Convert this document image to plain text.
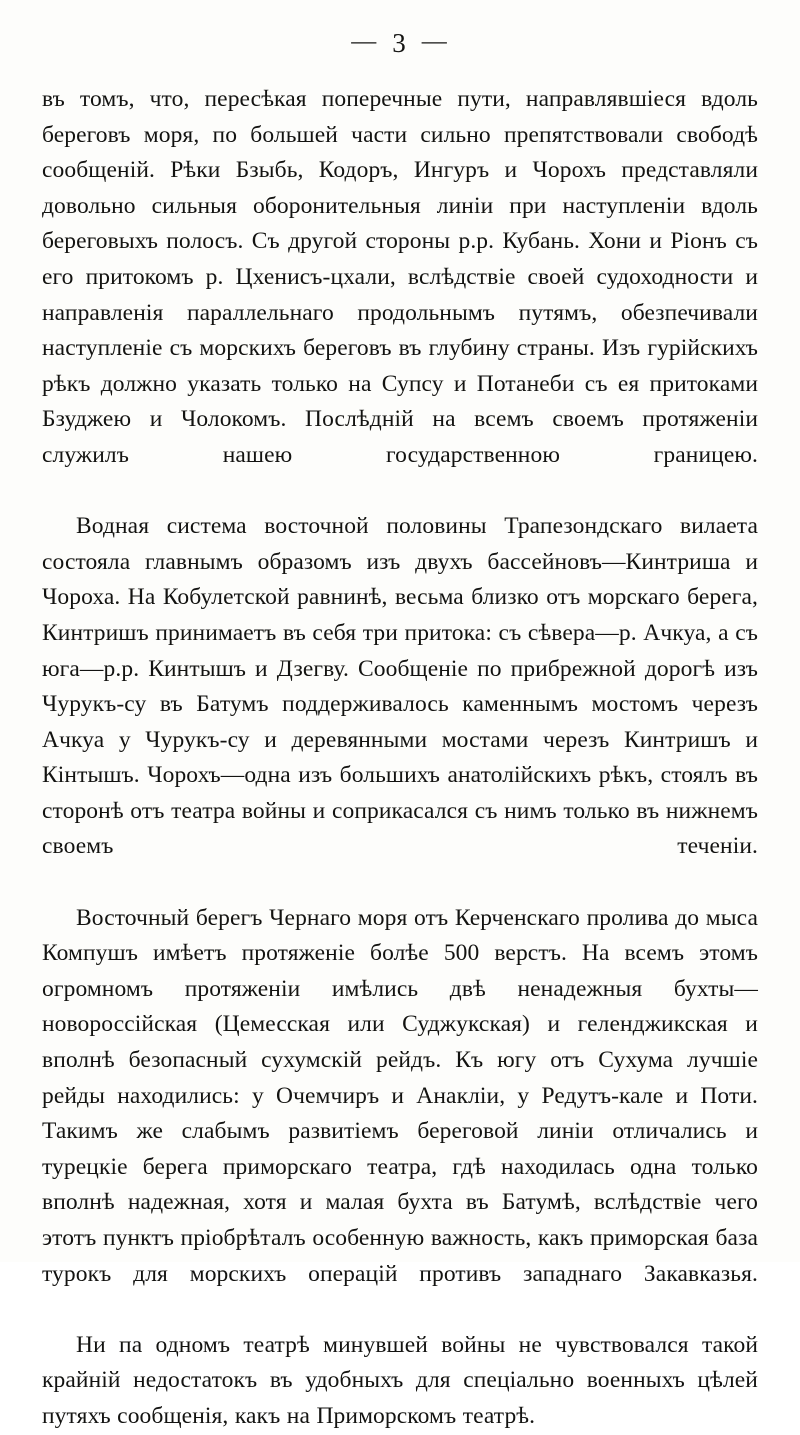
— 3 —

въ томъ, что, пересѣкая поперечные пути, направлявшіеся вдоль береговъ моря, по большей части сильно препятствовали свободѣ сообщеній. Рѣки Бзыбь, Кодоръ, Ингуръ и Чорохъ представляли довольно сильныя оборонительныя линіи при наступленіи вдоль береговыхъ полосъ. Съ другой стороны р.р. Кубань. Хони и Ріонъ съ его притокомъ р. Цхенисъ-цхали, вслѣдствіе своей судоходности и направленія параллельнаго продольнымъ путямъ, обезпечивали наступленіе съ морскихъ береговъ въ глубину страны. Изъ гурійскихъ рѣкъ должно указать только на Супсу и Потанеби съ ея притоками Бзуджею и Чолокомъ. Послѣдній на всемъ своемъ протяженіи служилъ нашею государственною границею.

Водная система восточной половины Трапезондскаго вилаета состояла главнымъ образомъ изъ двухъ бассейновъ—Кинтриша и Чороха. На Кобулетской равнинѣ, весьма близко отъ морскаго берега, Кинтришъ принимаетъ въ себя три притока: съ сѣвера—р. Ачкуа, а съ юга—р.р. Кинтышъ и Дзегву. Сообщеніе по прибрежной дорогѣ изъ Чурукъ-су въ Батумъ поддерживалось каменнымъ мостомъ черезъ Ачкуа у Чурукъ-су и деревянными мостами черезъ Кинтришъ и Кінтышъ. Чорохъ—одна изъ большихъ анатолійскихъ рѣкъ, стоялъ въ сторонѣ отъ театра войны и соприкасался съ нимъ только въ нижнемъ своемъ теченіи.

Восточный берегъ Чернаго моря отъ Керченскаго пролива до мыса Компушъ имѣетъ протяженіе болѣе 500 верстъ. На всемъ этомъ огромномъ протяженіи имѣлись двѣ ненадежныя бухты—новороссійская (Цемесская или Суджукская) и геленджикская и вполнѣ безопасный сухумскій рейдъ. Къ югу отъ Сухума лучшіе рейды находились: у Очемчиръ и Анакліи, у Редутъ-кале и Поти. Такимъ же слабымъ развитіемъ береговой линіи отличались и турецкіе берега приморскаго театра, гдѣ находилась одна только вполнѣ надежная, хотя и малая бухта въ Батумѣ, вслѣдствіе чего этотъ пунктъ пріобрѣталъ особенную важность, какъ приморская база турокъ для морскихъ операцій противъ западнаго Закавказья.

Ни па одномъ театрѣ минувшей войны не чувствовался такой крайній недостатокъ въ удобныхъ для спеціально военныхъ цѣлей путяхъ сообщенія, какъ на Приморскомъ театрѣ.
